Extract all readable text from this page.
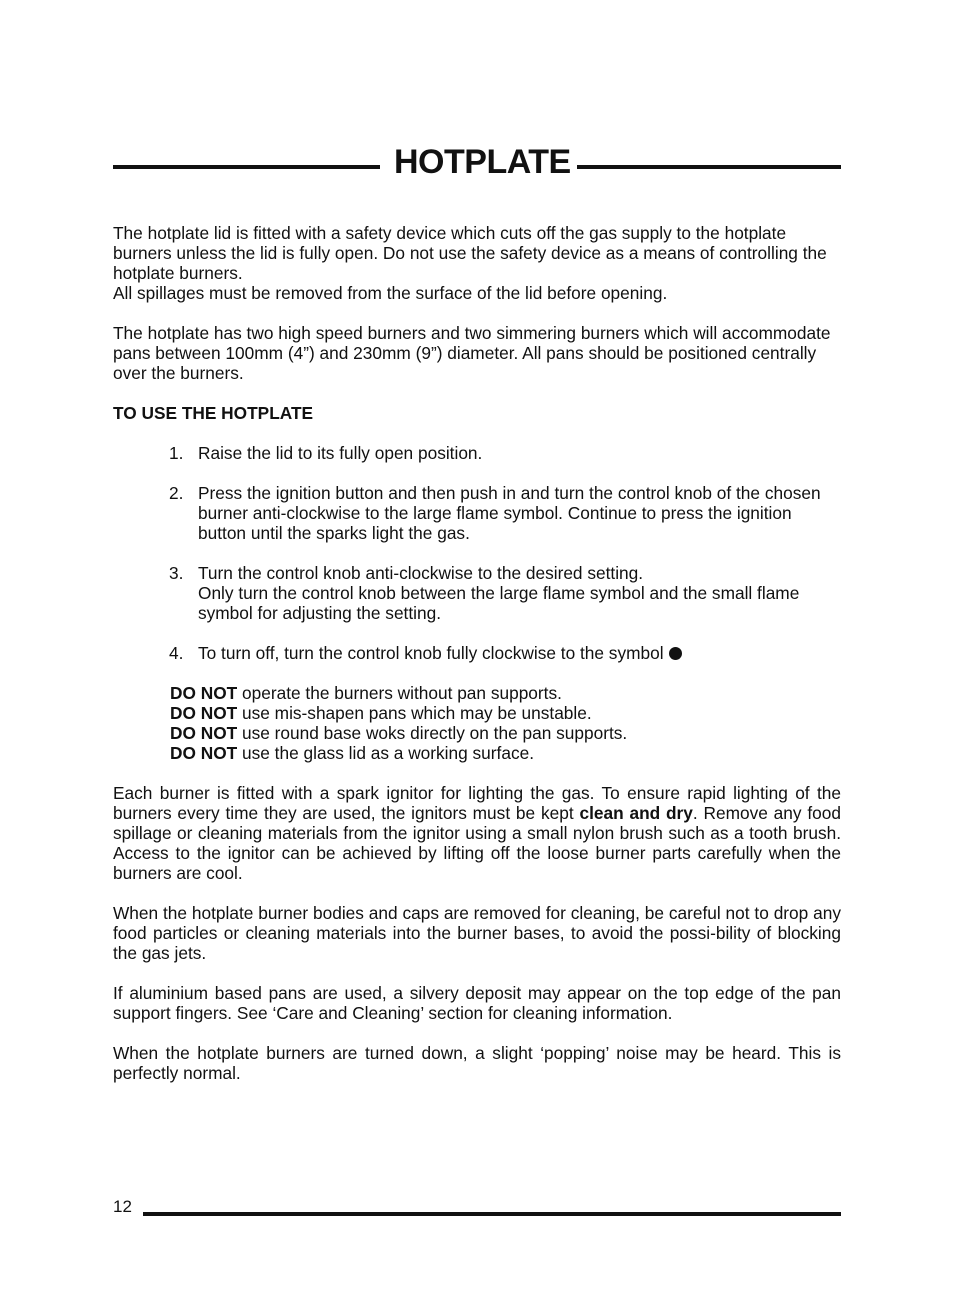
HOTPLATE

The hotplate lid is fitted with a safety device which cuts off the gas supply to the hotplate burners unless the lid is fully open. Do not use the safety device as a means of controlling the hotplate burners.

All spillages must be removed from the surface of the lid before opening.

The hotplate has two high speed burners and two simmering burners which will accommodate pans between 100mm (4”) and 230mm (9”) diameter. All pans should be positioned centrally over the burners.

TO USE THE HOTPLATE
1. Raise the lid to its fully open position.
2. Press the ignition button and then push in and turn the control knob of the chosen burner anti-clockwise to the large flame symbol. Continue to press the ignition button until the sparks light the gas.
3. Turn the control knob anti-clockwise to the desired setting.
Only turn the control knob between the large flame symbol and the small flame symbol for adjusting the setting.
4. To turn off, turn the control knob fully clockwise to the symbol

DO NOT operate the burners without pan supports.

DO NOT use mis-shapen pans which may be unstable.

DO NOT use round base woks directly on the pan supports.

DO NOT use the glass lid as a working surface.

Each burner is fitted with a spark ignitor for lighting the gas. To ensure rapid lighting of the burners every time they are used, the ignitors must be kept clean and dry. Remove any food spillage or cleaning materials from the ignitor using a small nylon brush such as a tooth brush. Access to the ignitor can be achieved by lifting off the loose burner parts carefully when the burners are cool.

When the hotplate burner bodies and caps are removed for cleaning, be careful not to drop any food particles or cleaning materials into the burner bases, to avoid the possi-bility of blocking the gas jets.

If aluminium based pans are used, a silvery deposit may appear on the top edge of the pan support fingers. See ‘Care and Cleaning’ section for cleaning information.

When the hotplate burners are turned down, a slight ‘popping’ noise may be heard. This is perfectly normal.

12
